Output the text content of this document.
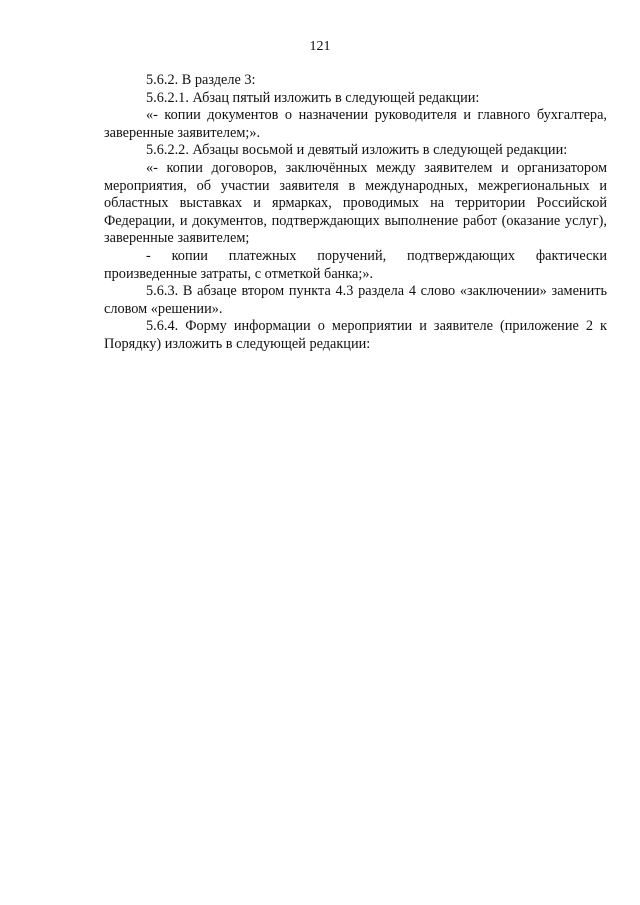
121

5.6.2. В разделе 3:

5.6.2.1. Абзац пятый изложить в следующей редакции:

«- копии документов о назначении руководителя и главного бухгалтера, заверенные заявителем;».

5.6.2.2. Абзацы восьмой и девятый изложить в следующей редакции:

«- копии договоров, заключённых между заявителем и организатором мероприятия, об участии заявителя в международных, межрегиональных и областных выставках и ярмарках, проводимых на территории Российской Федерации, и документов, подтверждающих выполнение работ (оказание услуг), заверенные заявителем;

- копии платежных поручений, подтверждающих фактически произведенные затраты, с отметкой банка;».

5.6.3. В абзаце втором пункта 4.3 раздела 4 слово «заключении» заменить словом «решении».

5.6.4. Форму информации о мероприятии и заявителе (приложение 2 к Порядку) изложить в следующей редакции:
